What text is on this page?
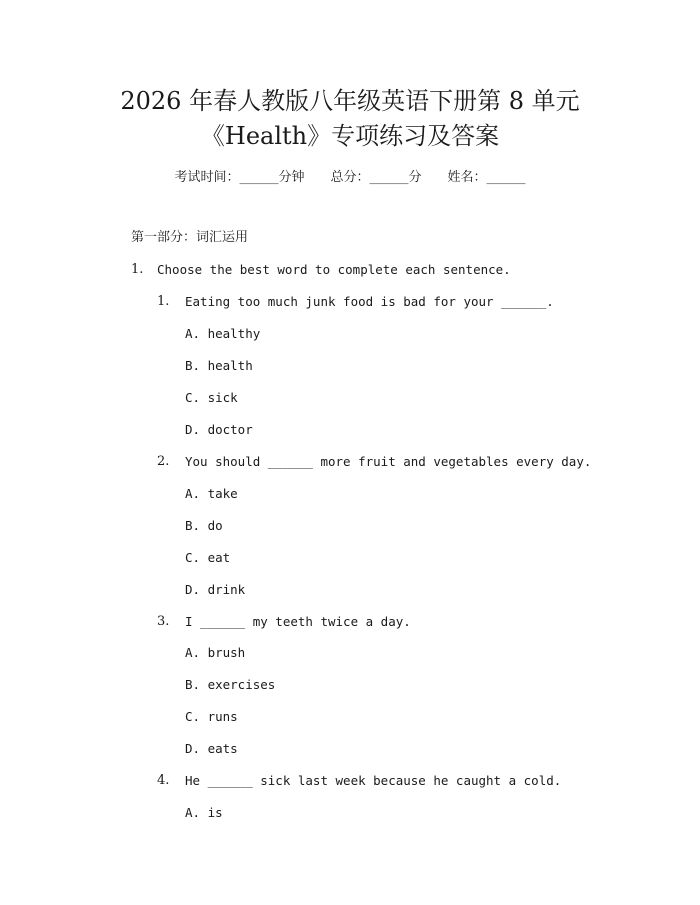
2026 年春人教版八年级英语下册第 8 单元
《Health》专项练习及答案
考试时间：______分钟 总分：______分 姓名：______
第一部分：词汇运用
1. Choose the best word to complete each sentence.
1. Eating too much junk food is bad for your ______.
A. healthy
B. health
C. sick
D. doctor
2. You should ______ more fruit and vegetables every day.
A. take
B. do
C. eat
D. drink
3. I ______ my teeth twice a day.
A. brush
B. exercises
C. runs
D. eats
4. He ______ sick last week because he caught a cold.
A. is
